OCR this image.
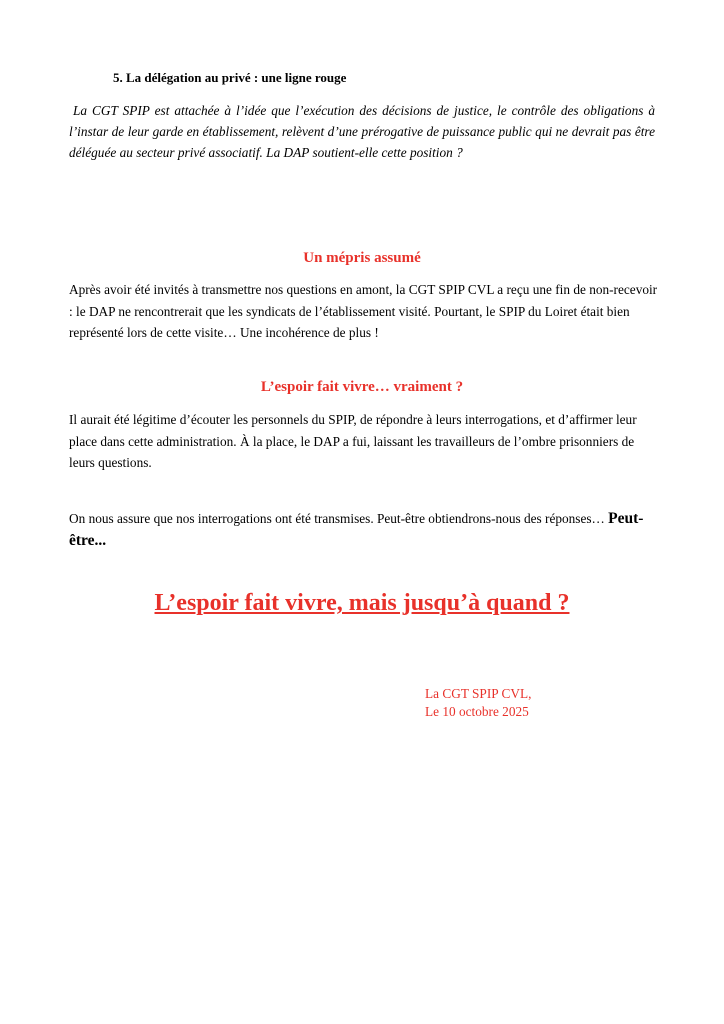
5. La délégation au privé : une ligne rouge

La CGT SPIP est attachée à l’idée que l’exécution des décisions de justice, le contrôle des obligations à l’instar de leur garde en établissement, relèvent d’une prérogative de puissance public qui ne devrait pas être déléguée au secteur privé associatif. La DAP soutient-elle cette position ?

Un mépris assumé

Après avoir été invités à transmettre nos questions en amont, la CGT SPIP CVL a reçu une fin de non-recevoir : le DAP ne rencontrerait que les syndicats de l’établissement visité. Pourtant, le SPIP du Loiret était bien représenté lors de cette visite… Une incohérence de plus !

L’espoir fait vivre… vraiment ?

Il aurait été légitime d’écouter les personnels du SPIP, de répondre à leurs interrogations, et d’affirmer leur place dans cette administration. À la place, le DAP a fui, laissant les travailleurs de l’ombre prisonniers de leurs questions.

On nous assure que nos interrogations ont été transmises. Peut-être obtiendrons-nous des réponses… Peut-être...

L’espoir fait vivre, mais jusqu’à quand ?

La CGT SPIP CVL,
Le 10 octobre 2025
